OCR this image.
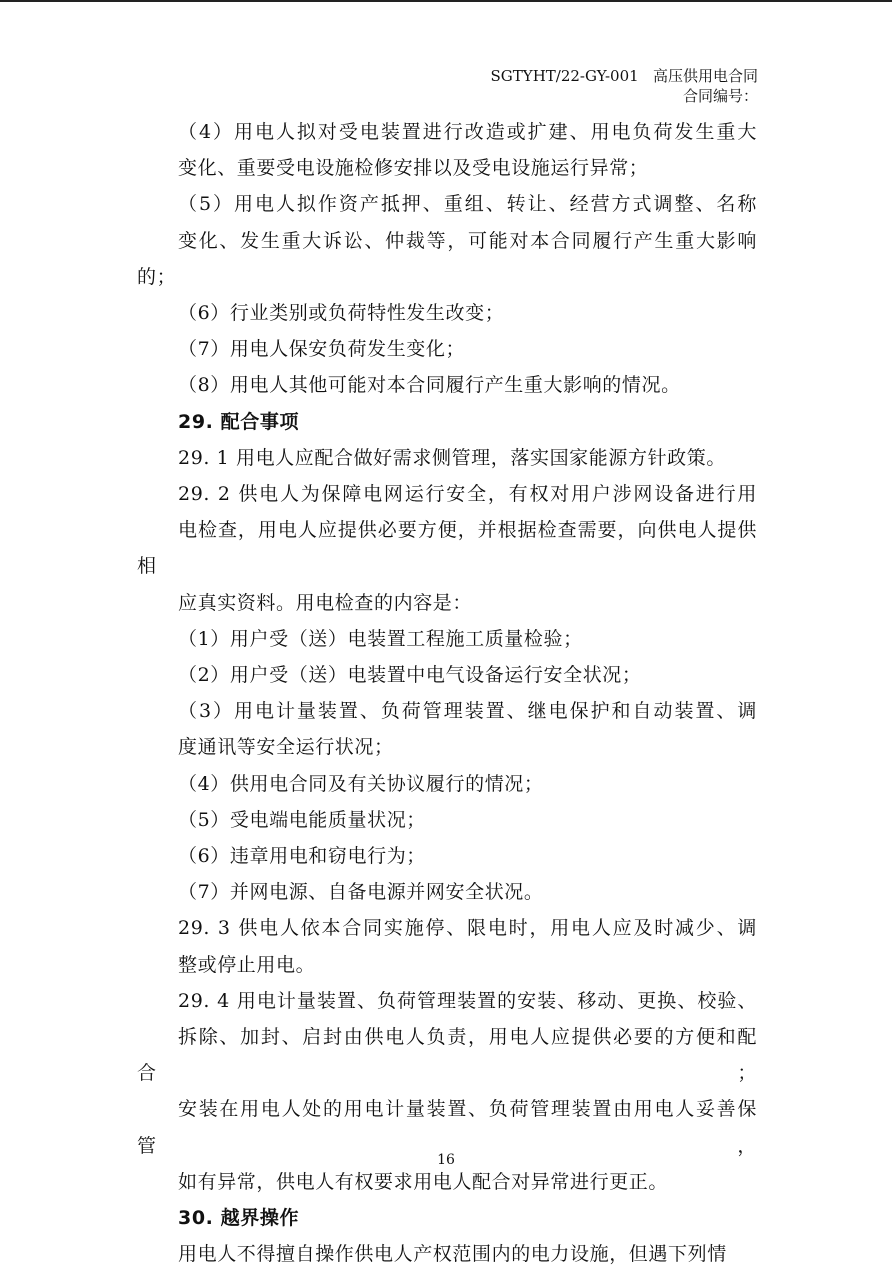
SGTYHT/22-GY-001 高压供用电合同
合同编号：
（4）用电人拟对受电装置进行改造或扩建、用电负荷发生重大
变化、重要受电设施检修安排以及受电设施运行异常；
（5）用电人拟作资产抵押、重组、转让、经营方式调整、名称
变化、发生重大诉讼、仲裁等，可能对本合同履行产生重大影响的；
（6）行业类别或负荷特性发生改变；
（7）用电人保安负荷发生变化；
（8）用电人其他可能对本合同履行产生重大影响的情况。
29. 配合事项
29. 1 用电人应配合做好需求侧管理，落实国家能源方针政策。
29. 2 供电人为保障电网运行安全，有权对用户涉网设备进行用
电检查，用电人应提供必要方便，并根据检查需要，向供电人提供相
应真实资料。用电检查的内容是：
（1）用户受（送）电装置工程施工质量检验；
（2）用户受（送）电装置中电气设备运行安全状况；
（3）用电计量装置、负荷管理装置、继电保护和自动装置、调
度通讯等安全运行状况；
（4）供用电合同及有关协议履行的情况；
（5）受电端电能质量状况；
（6）违章用电和窃电行为；
（7）并网电源、自备电源并网安全状况。
29. 3 供电人依本合同实施停、限电时，用电人应及时减少、调
整或停止用电。
29. 4 用电计量装置、负荷管理装置的安装、移动、更换、校验、
拆除、加封、启封由供电人负责，用电人应提供必要的方便和配合；
安装在用电人处的用电计量装置、负荷管理装置由用电人妥善保管，
如有异常，供电人有权要求用电人配合对异常进行更正。
30. 越界操作
用电人不得擅自操作供电人产权范围内的电力设施，但遇下列情
16
